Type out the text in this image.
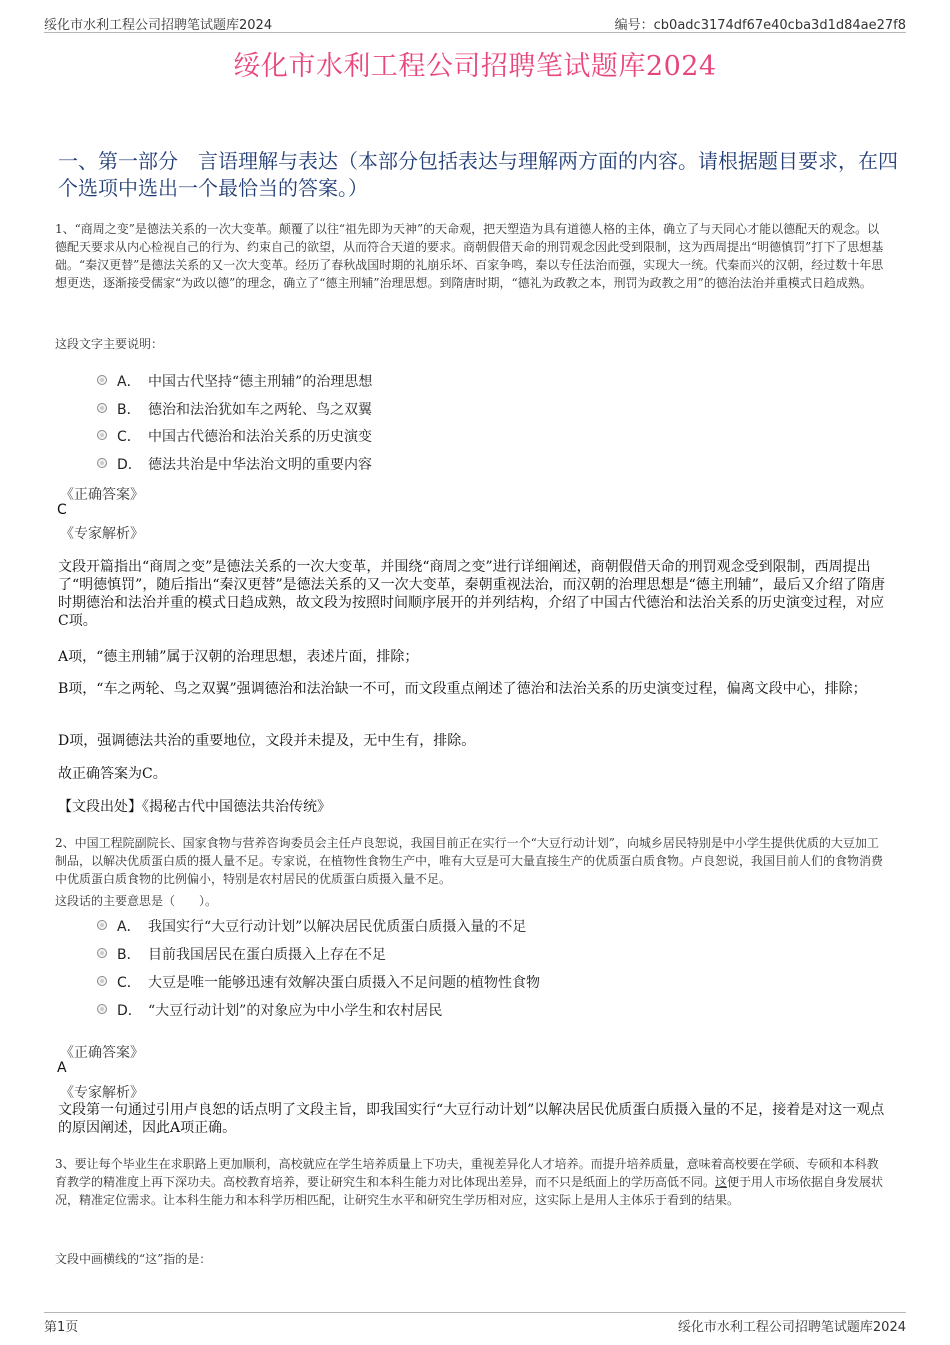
绥化市水利工程公司招聘笔试题库2024	编号：cb0adc3174df67e40cba3d1d84ae27f8
绥化市水利工程公司招聘笔试题库2024
一、第一部分　言语理解与表达（本部分包括表达与理解两方面的内容。请根据题目要求，在四个选项中选出一个最恰当的答案。）
1、“商周之变”是德法关系的一次大变革。颠覆了以往“祖先即为天神”的天命观，把天塑造为具有道德人格的主体，确立了与天同心才能以德配天的观念。以德配天要求从内心检视自己的行为、约束自己的欲望，从而符合天道的要求。商朝假借天命的刑罚观念因此受到限制，这为西周提出“明德慎罚”打下了思想基础。“秦汉更替”是德法关系的又一次大变革。经历了春秋战国时期的礼崩乐坏、百家争鸣，秦以专任法治而强，实现大一统。代秦而兴的汉朝，经过数十年思想更迭，逐渐接受儒家“为政以德”的理念，确立了“德主刑辅”治理思想。到隋唐时期，“德礼为政教之本，刑罚为政教之用”的德治法治并重模式日趋成熟。
这段文字主要说明：
A． 中国古代坚持“德主刑辅”的治理思想
B． 德治和法治犹如车之两轮、鸟之双翼
C． 中国古代德治和法治关系的历史演变
D． 德法共治是中华法治文明的重要内容
《正确答案》
C
《专家解析》
文段开篇指出“商周之变”是德法关系的一次大变革，并围绕“商周之变”进行详细阐述，商朝假借天命的刑罚观念受到限制，西周提出了“明德慎罚”，随后指出“秦汉更替”是德法关系的又一次大变革，秦朝重视法治，而汉朝的治理思想是“德主刑辅”，最后又介绍了隋唐时期德治和法治并重的模式日趋成熟，故文段为按照时间顺序展开的并列结构，介绍了中国古代德治和法治关系的历史演变过程，对应C项。
A项，“德主刑辅”属于汉朝的治理思想，表述片面，排除；
B项，“车之两轮、鸟之双翼”强调德治和法治缺一不可，而文段重点阐述了德治和法治关系的历史演变过程，偏离文段中心，排除；
D项，强调德法共治的重要地位，文段并未提及，无中生有，排除。
故正确答案为C。
【文段出处】《揭秘古代中国德法共治传统》
2、中国工程院副院长、国家食物与营养咨询委员会主任卢良恕说，我国目前正在实行一个“大豆行动计划”，向城乡居民特别是中小学生提供优质的大豆加工制品，以解决优质蛋白质的摄人量不足。专家说，在植物性食物生产中，唯有大豆是可大量直接生产的优质蛋白质食物。卢良恕说，我国目前人们的食物消费中优质蛋白质食物的比例偏小，特别是农村居民的优质蛋白质摄入量不足。
这段话的主要意思是（　　）。
A． 我国实行“大豆行动计划”以解决居民优质蛋白质摄入量的不足
B． 目前我国居民在蛋白质摄入上存在不足
C． 大豆是唯一能够迅速有效解决蛋白质摄入不足问题的植物性食物
D． “大豆行动计划”的对象应为中小学生和农村居民
《正确答案》
A
《专家解析》
文段第一句通过引用卢良恕的话点明了文段主旨，即我国实行“大豆行动计划”以解决居民优质蛋白质摄入量的不足，接着是对这一观点的原因阐述，因此A项正确。
3、要让每个毕业生在求职路上更加顺利，高校就应在学生培养质量上下功夫，重视差异化人才培养。而提升培养质量，意味着高校要在学硕、专硕和本科教育教学的精准度上再下深功夫。高校教育培养，要让研究生和本科生能力对比体现出差异，而不只是纸面上的学历高低不同。这便于用人市场依据自身发展状况，精准定位需求。让本科生能力和本科学历相匹配，让研究生水平和研究生学历相对应，这实际上是用人主体乐于看到的结果。
文段中画横线的“这”指的是：
第1页	绥化市水利工程公司招聘笔试题库2024
